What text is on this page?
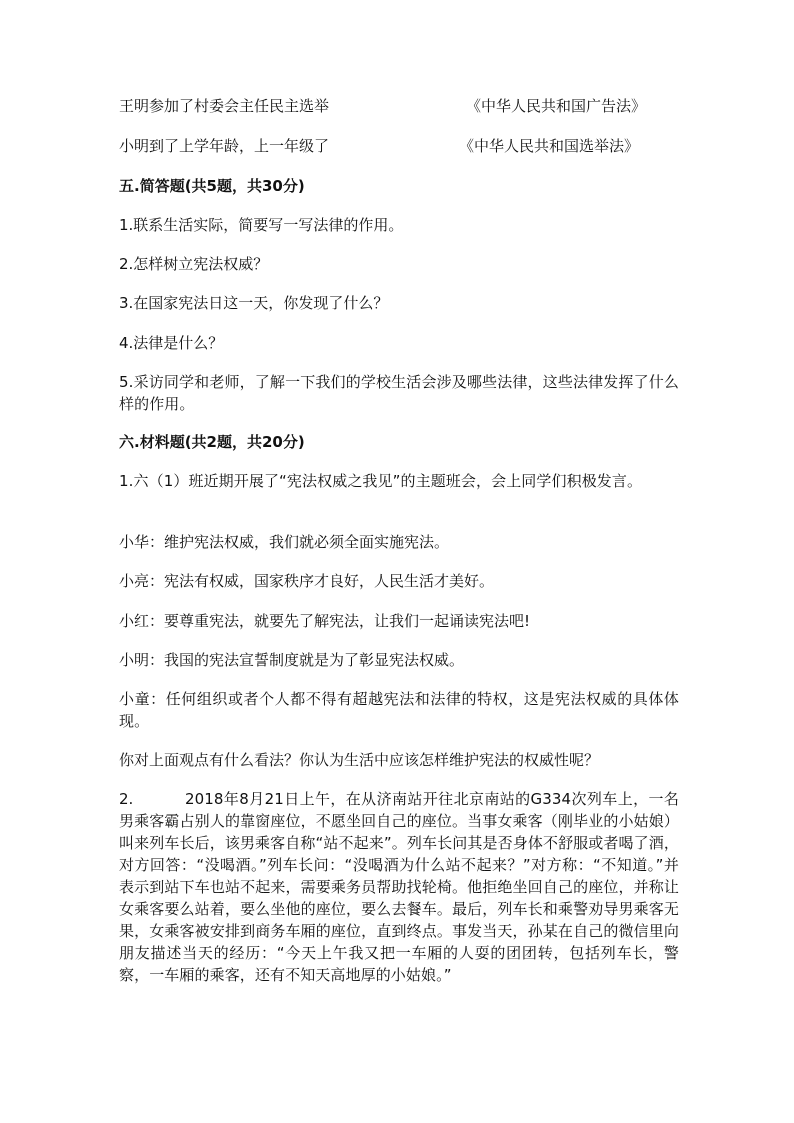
王明参加了村委会主任民主选举	《中华人民共和国广告法》
小明到了上学年龄，上一年级了	《中华人民共和国选举法》
五.简答题(共5题，共30分)
1.联系生活实际，简要写一写法律的作用。
2.怎样树立宪法权威？
3.在国家宪法日这一天，你发现了什么？
4.法律是什么？
5.采访同学和老师，了解一下我们的学校生活会涉及哪些法律，这些法律发挥了什么样的作用。
六.材料题(共2题，共20分)
1.六（1）班近期开展了“宪法权威之我见”的主题班会，会上同学们积极发言。
小华：维护宪法权威，我们就必须全面实施宪法。
小亮：宪法有权威，国家秩序才良好，人民生活才美好。
小红：要尊重宪法，就要先了解宪法，让我们一起诵读宪法吧!
小明：我国的宪法宣誓制度就是为了彰显宪法权威。
小童：任何组织或者个人都不得有超越宪法和法律的特权，这是宪法权威的具体体现。
你对上面观点有什么看法？你认为生活中应该怎样维护宪法的权威性呢？
2.	2018年8月21日上午，在从济南站开往北京南站的G334次列车上，一名男乘客霸占别人的靠窗座位，不愿坐回自己的座位。当事女乘客（刚毕业的小姑娘）叫来列车长后，该男乘客自称“站不起来”。列车长问其是否身体不舒服或者喝了酒，对方回答：“没喝酒。”列车长问：“没喝酒为什么站不起来？”对方称：“不知道。”并表示到站下车也站不起来，需要乘务员帮助找轮椅。他拒绝坐回自己的座位，并称让女乘客要么站着，要么坐他的座位，要么去餐车。最后，列车长和乘警劝导男乘客无果，女乘客被安排到商务车厢的座位，直到终点。事发当天，孙某在自己的微信里向朋友描述当天的经历：“今天上午我又把一车厢的人耍的团团转，包括列车长，警察，一车厢的乘客，还有不知天高地厚的小姑娘。”
